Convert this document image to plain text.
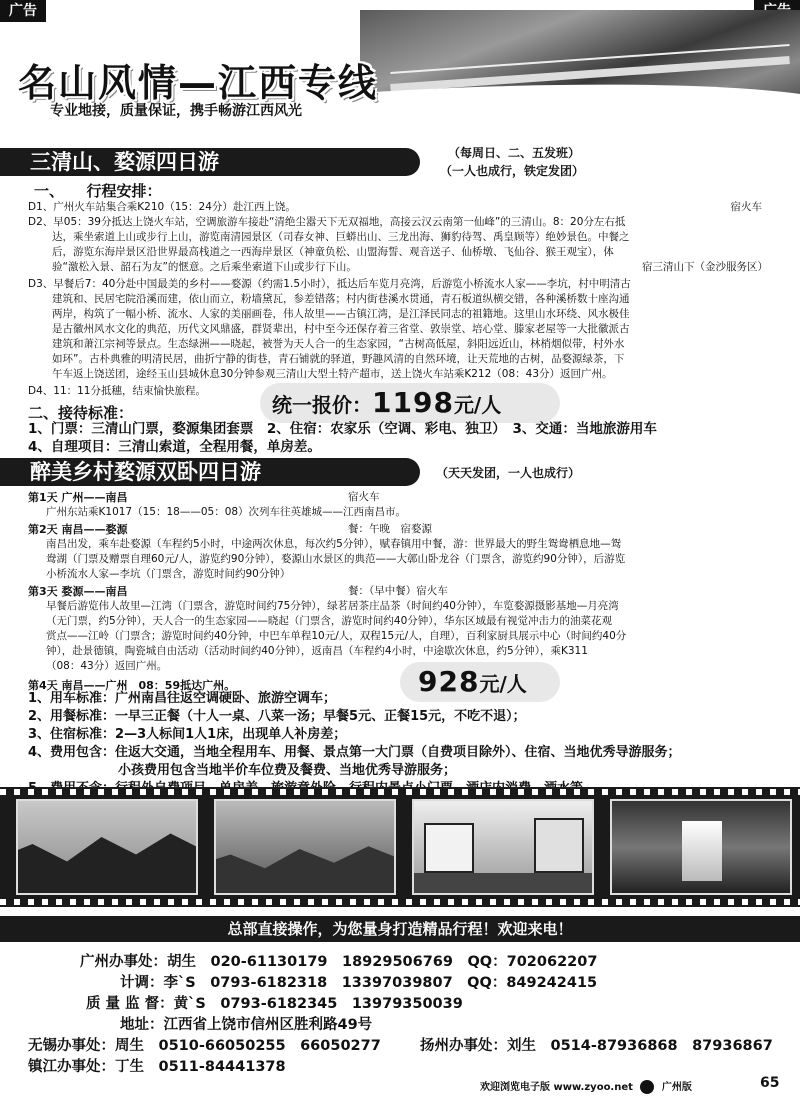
广告
名山风情—江西专线
专业地接，质量保证，携手畅游江西风光
三清山、婺源四日游	（每周日、二、五发班）
（一人也成行，铁定发团）
一、　　行程安排：
D1、广州火车站集合乘K210（15：24分）赴江西上饶。	宿火车
D2、早05：39分抵达上饶火车站，空调旅游车接赴“清绝尘嚣天下无双福地，高接云汉云南第一仙峰”的三清山。8：20分左右抵
达，乘坐索道上山或步行上山，游览南清园景区（司春女神、巨蟒出山、三龙出海、狮豹待驾、禹皇顾等）绝妙景色。中餐之
后，游览东海岸景区沿世界最高栈道之一西海岸景区（神童负松、山盟海誓、观音送子、仙桥墩、飞仙谷、猴王观宝），体
验“激松入景、韶石为友”的惬意。之后乘坐索道下山或步行下山。	宿三清山下（金沙服务区）
D3、早餐后7：40分赴中国最美的乡村——婺源（约需1.5小时），抵达后车览月亮湾，后游览小桥流水人家——李坑，村中明清古
建筑和、民居宅院沿溪而建，依山而立，粉墙黛瓦，参差错落；村内街巷溪水贯通，青石板道纵横交错，各种溪桥数十座沟通
两岸，构筑了一幅小桥、流水、人家的美丽画卷，伟人故里——古镇江湾，是江泽民同志的祖籍地。这里山水环绕、风水极佳
是古徽州风水文化的典范，历代文风鼎盛，群贤辈出，村中至今还保存着三省堂、敦崇堂、培心堂、滕家老屋等一大批徽派古
建筑和萧江宗祠等景点。生态绿洲——晓起，被誉为天人合一的生态家园，“古树高低屋，斜阳远近山，林梢烟似带，村外水
如环”。古朴典雅的明清民居，曲折宁静的街巷，青石铺就的驿道，野趣风清的自然环境，让天荒地的古树，品婺源绿茶，下
午车返上饶送团，途经玉山县城休息30分钟参观三清山大型土特产超市，送上饶火车站乘K212（08：43分）返回广州。
D4、11：11分抵穗，结束愉快旅程。
统一报价：1198元/人
二、接待标准：
1、门票：三清山门票，婺源集团套票　2、住宿：农家乐（空调、彩电、独卫）　3、交通：当地旅游用车
4、自理项目：三清山索道，全程用餐，单房差。
醉美乡村婺源双卧四日游	（天天发团，一人也成行）
第1天 广州——南昌	宿火车
广州东站乘K1017（15：18——05：08）次列车往英雄城——江西南昌市。
第2天 南昌——婺源	餐：午晚　宿婺源
南昌出发，乘车赴婺源（车程约5小时，中途两次休息，每次约5分钟），赋春镇用中餐，游：世界最大的野生鸳鸯栖息地—鸳
鸯湖（门票及赠票自理60元/人，游览约90分钟），婺源山水景区的典范——大鄣山卧龙谷（门票含，游览约90分钟），后游览
小桥流水人家—李坑（门票含，游览时间约90分钟）
第3天 婺源——南昌	餐：（早中餐）宿火车
早餐后游览伟人故里—江湾（门票含，游览时间约75分钟），绿茗居茶庄品茶（时间约40分钟），车览婺源摄影基地—月亮湾
（无门票，约5分钟），天人合一的生态家园——晓起（门票含，游览时间约40分钟），华东区域最有视觉冲击力的油菜花观
赏点——江岭（门票含；游览时间约40分钟，中巴车单程10元/人，双程15元/人，自理），百利家厨具展示中心（时间约40分
钟），赴景德镇，陶瓷城自由活动（活动时间约40分钟），返南昌（车程约4小时，中途歇次休息，约5分钟），乘K311
（08：43分）返回广州。
第4天 南昌——广州　08：59抵达广州。	928元/人
1、用车标准：广州南昌往返空调硬卧、旅游空调车；
2、用餐标准：一早三正餐（十人一桌、八菜一汤；早餐5元、正餐15元，不吃不退）；
3、住宿标准：2—3人标间1人1床，出现单人补房差；
4、费用包含：住返大交通，当地全程用车、用餐、景点第一大门票（自费项目除外）、住宿、当地优秀导游服务；
小孩费用包含当地半价车位费及餐费、当地优秀导游服务；
总部直接操作，为您量身打造精品行程！欢迎来电！
广州办事处：胡生　020-61130179　18929506769　QQ：702062207
计调：李`S　0793-6182318　13397039807　QQ：849242415
质 量 监 督：黄`S　0793-6182345　13979350039
地址：江西省上饶市信州区胜利路49号
无锡办事处：周生　0510-66050255　66050277	扬州办事处：刘生　0514-87936868　87936867
镇江办事处：丁生　0511-84441378
欢迎浏览电子版 www.zyoo.net	广州版	65
